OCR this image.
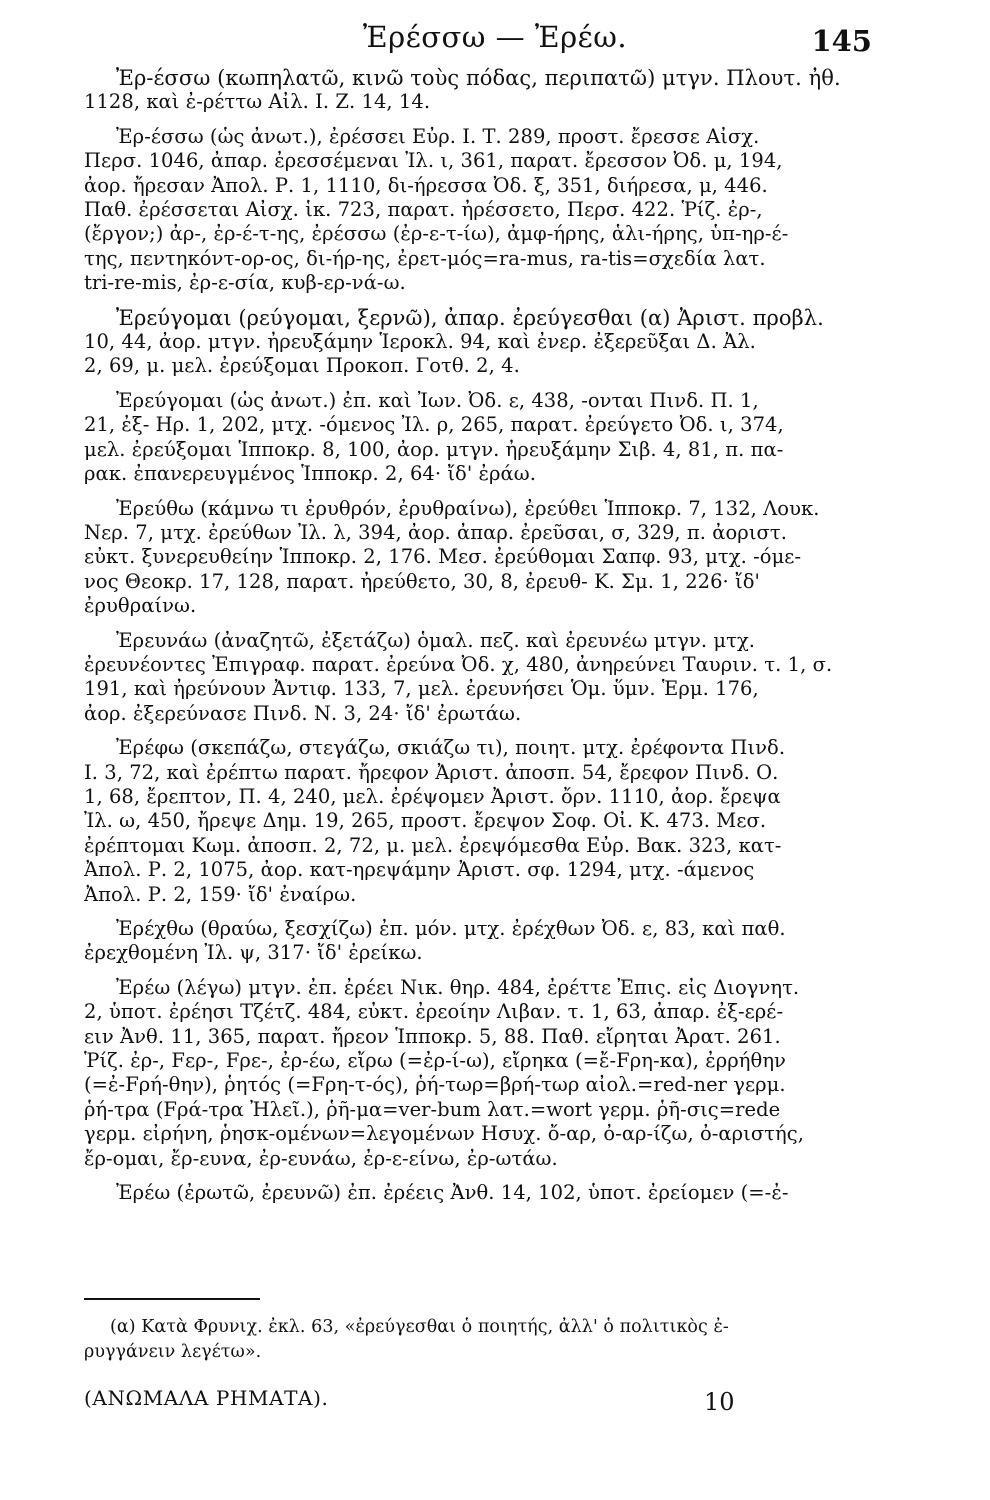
Ἐρέσσω — Ἐρέω.	145
Ἐρ-έσσω (κωπηλατῶ, κινῶ τοὺς πόδας, περιπατῶ) μτγν. Πλουτ. ἠθ.
1128, καὶ ἐ-ρέττω Αἰλ. Ι. Ζ. 14, 14.
Ἐρ-έσσω (ὡς ἀνωτ.), ἐρέσσει Εὐρ. Ι. Τ. 289, προστ. ἔρεσσε Αἰσχ.
Περσ. 1046, ἀπαρ. ἐρεσσέμεναι Ἰλ. ι, 361, παρατ. ἔρεσσον Ὀδ. μ, 194,
ἀορ. ἤρεσαν Ἀπολ. Ρ. 1, 1110, δι-ήρεσσα Ὀδ. ξ, 351, διήρεσα, μ, 446.
Παθ. ἐρέσσεται Αἰσχ. ἱκ. 723, παρατ. ἠρέσσετο, Περσ. 422. Ῥίζ. ἐρ-,
(ἔργον;) ἀρ-, ἐρ-έ-τ-ης, ἐρέσσω (ἐρ-ε-τ-ίω), ἀμφ-ήρης, ἁλι-ήρης, ὑπ-ηρ-έ-
της, πεντηκόντ-ορ-ος, δι-ήρ-ης, ἐρετ-μός=ra-mus, ra-tis=σχεδία λατ.
tri-re-mis, ἐρ-ε-σία, κυβ-ερ-νά-ω.
Ἐρεύγομαι (ρεύγομαι, ξερνῶ), ἀπαρ. ἐρεύγεσθαι (α) Ἀριστ. προβλ.
10, 44, ἀορ. μτγν. ἠρευξάμην Ἱεροκλ. 94, καὶ ἐνερ. ἐξερεῦξαι Δ. Ἀλ.
2, 69, μ. μελ. ἐρεύξομαι Προκοπ. Γοτθ. 2, 4.
Ἐρεύγομαι (ὡς ἀνωτ.) ἐπ. καὶ Ἰων. Ὀδ. ε, 438, -ονται Πινδ. Π. 1,
21, ἐξ- Ηρ. 1, 202, μτχ. -όμενος Ἰλ. ρ, 265, παρατ. ἐρεύγετο Ὀδ. ι, 374,
μελ. ἐρεύξομαι Ἱπποκρ. 8, 100, ἀορ. μτγν. ἠρευξάμην Σιβ. 4, 81, π. πα-
ρακ. ἐπανερευγμένος Ἱπποκρ. 2, 64· ἴδ' ἐράω.
Ἐρεύθω (κάμνω τι ἐρυθρόν, ἐρυθραίνω), ἐρεύθει Ἱπποκρ. 7, 132, Λουκ.
Νερ. 7, μτχ. ἐρεύθων Ἰλ. λ, 394, ἀορ. ἀπαρ. ἐρεῦσαι, σ, 329, π. ἀοριστ.
εὐκτ. ξυνερευθείην Ἱπποκρ. 2, 176. Μεσ. ἐρεύθομαι Σαπφ. 93, μτχ. -όμε-
νος Θεοκρ. 17, 128, παρατ. ἠρεύθετο, 30, 8, ἐρευθ- Κ. Σμ. 1, 226· ἴδ'
ἐρυθραίνω.
Ἐρευνάω (ἀναζητῶ, ἐξετάζω) ὁμαλ. πεζ. καὶ ἐρευνέω μτγν. μτχ.
ἐρευνέοντες Ἐπιγραφ. παρατ. ἐρεύνα Ὀδ. χ, 480, ἀνηρεύνει Ταυριν. τ. 1, σ.
191, καὶ ἠρεύνουν Ἀντιφ. 133, 7, μελ. ἐρευνήσει Ὁμ. ὕμν. Ἑρμ. 176,
ἀορ. ἐξερεύνασε Πινδ. Ν. 3, 24· ἴδ' ἐρωτάω.
Ἐρέφω (σκεπάζω, στεγάζω, σκιάζω τι), ποιητ. μτχ. ἐρέφοντα Πινδ.
Ι. 3, 72, καὶ ἐρέπτω παρατ. ἤρεφον Ἀριστ. ἀποσπ. 54, ἔρεφον Πινδ. Ο.
1, 68, ἔρεπτον, Π. 4, 240, μελ. ἐρέψομεν Ἀριστ. ὄρν. 1110, ἀορ. ἔρεψα
Ἰλ. ω, 450, ἤρεψε Δημ. 19, 265, προστ. ἔρεψον Σοφ. Οἰ. Κ. 473. Μεσ.
ἐρέπτομαι Κωμ. ἀποσπ. 2, 72, μ. μελ. ἐρεψόμεσθα Εὐρ. Βακ. 323, κατ-
Ἀπολ. Ρ. 2, 1075, ἀορ. κατ-ηρεψάμην Ἀριστ. σφ. 1294, μτχ. -άμενος
Ἀπολ. Ρ. 2, 159· ἴδ' ἐναίρω.
Ἐρέχθω (θραύω, ξεσχίζω) ἐπ. μόν. μτχ. ἐρέχθων Ὀδ. ε, 83, καὶ παθ.
ἐρεχθομένη Ἰλ. ψ, 317· ἴδ' ἐρείκω.
Ἐρέω (λέγω) μτγν. ἐπ. ἐρέει Νικ. θηρ. 484, ἐρέττε Ἐπις. εἰς Διογνητ.
2, ὑποτ. ἐρέησι Τζέτζ. 484, εὐκτ. ἐρεοίην Λιβαν. τ. 1, 63, ἀπαρ. ἐξ-ερέ-
ειν Ἀνθ. 11, 365, παρατ. ἤρεον Ἱπποκρ. 5, 88. Παθ. εἴρηται Ἀρατ. 261.
Ῥίζ. ἐρ-, Fερ-, Fρε-, ἐρ-έω, εἴρω (=ἐρ-ί-ω), εἴρηκα (=ἔ-Fρη-κα), ἐρρήθην
(=ἐ-Fρή-θην), ῥητός (=Fρη-τ-ός), ῥή-τωρ=βρή-τωρ αἰολ.=red-ner γερμ.
ῥή-τρα (Fρά-τρα Ἠλεῖ.), ῥῆ-μα=ver-bum λατ.=wort γερμ. ῥῆ-σις=rede
γερμ. εἰρήνη, ῥησκ-ομένων=λεγομένων Ησυχ. ὄ-αρ, ὀ-αρ-ίζω, ὀ-αριστής,
ἔρ-ομαι, ἔρ-ευνα, ἐρ-ευνάω, ἐρ-ε-είνω, ἐρ-ωτάω.
Ἐρέω (ἐρωτῶ, ἐρευνῶ) ἐπ. ἐρέεις Ἀνθ. 14, 102, ὑποτ. ἐρείομεν (=-ἐ-
(α) Κατὰ Φρυνιχ. ἐκλ. 63, «ἐρεύγεσθαι ὁ ποιητής, ἀλλ' ὁ πολιτικὸς ἐ-
ρυγγάνειν λεγέτω».
(ΑΝΩΜΑΛΑ ΡΗΜΑΤΑ).	10
